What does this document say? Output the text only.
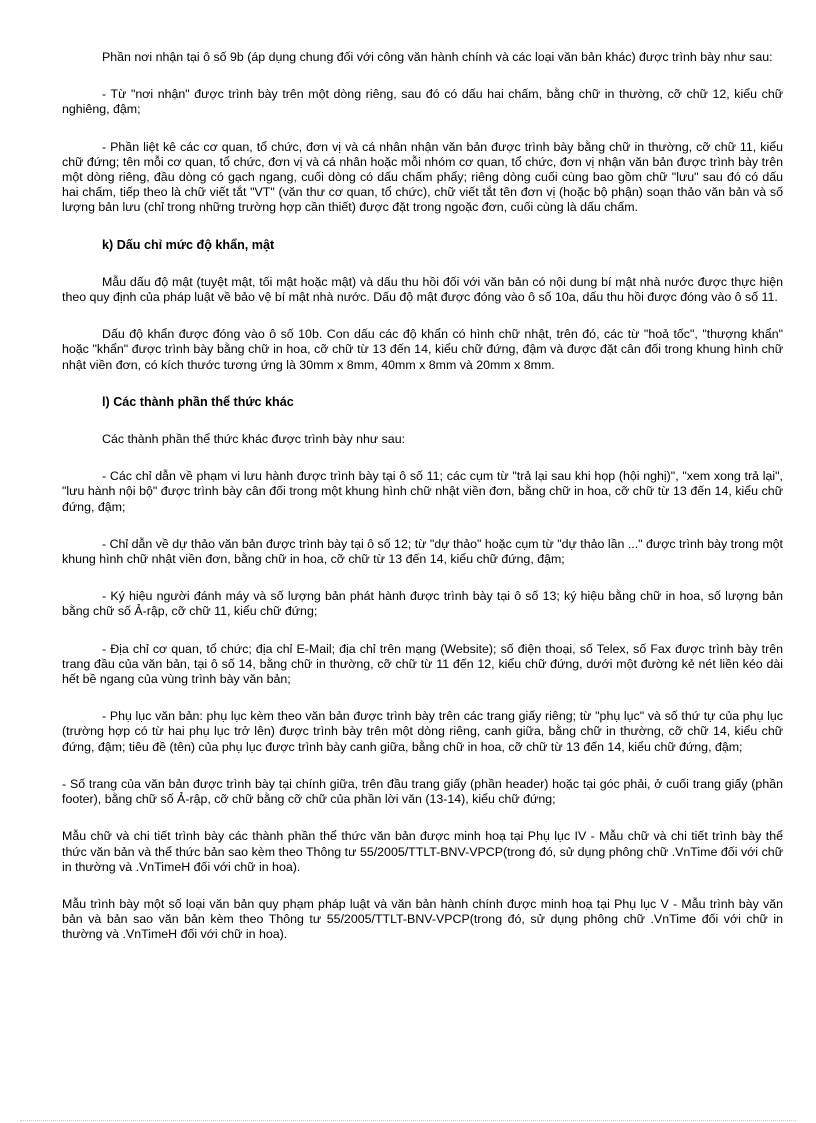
Phần nơi nhận tại ô số 9b (áp dụng chung đối với công văn hành chính và các loại văn bản khác) được trình bày như sau:

- Từ "nơi nhận" được trình bày trên một dòng riêng, sau đó có dấu hai chấm, bằng chữ in thường, cỡ chữ 12, kiểu chữ nghiêng, đậm;

- Phần liệt kê các cơ quan, tổ chức, đơn vị và cá nhân nhận văn bản được trình bày bằng chữ in thường, cỡ chữ 11, kiểu chữ đứng; tên mỗi cơ quan, tổ chức, đơn vị và cá nhân hoặc mỗi nhóm cơ quan, tổ chức, đơn vị nhận văn bản được trình bày trên một dòng riêng, đầu dòng có gạch ngang, cuối dòng có dấu chấm phẩy; riêng dòng cuối cùng bao gồm chữ "lưu" sau đó có dấu hai chấm, tiếp theo là chữ viết tắt "VT" (văn thư cơ quan, tổ chức), chữ viết tắt tên đơn vị (hoặc bộ phận) soạn thảo văn bản và số lượng bản lưu (chỉ trong những trường hợp cần thiết) được đặt trong ngoặc đơn, cuối cùng là dấu chấm.

k) Dấu chỉ mức độ khẩn, mật

Mẫu dấu độ mật (tuyệt mật, tối mật hoặc mật) và dấu thu hồi đối với văn bản có nội dung bí mật nhà nước được thực hiện theo quy định của pháp luật về bảo vệ bí mật nhà nước. Dấu độ mật được đóng vào ô số 10a, dấu thu hồi được đóng vào ô số 11.

Dấu độ khẩn được đóng vào ô số 10b. Con dấu các độ khẩn có hình chữ nhật, trên đó, các từ "hoả tốc", "thượng khẩn" hoặc "khẩn" được trình bày bằng chữ in hoa, cỡ chữ từ 13 đến 14, kiểu chữ đứng, đậm và được đặt cân đối trong khung hình chữ nhật viền đơn, có kích thước tương ứng là 30mm x 8mm, 40mm x 8mm và 20mm x 8mm.

l) Các thành phần thể thức khác

Các thành phần thể thức khác được trình bày như sau:

- Các chỉ dẫn về phạm vi lưu hành được trình bày tại ô số 11; các cụm từ "trả lại sau khi họp (hội nghị)", "xem xong trả lại", "lưu hành nội bộ" được trình bày cân đối trong một khung hình chữ nhật viền đơn, bằng chữ in hoa, cỡ chữ từ 13 đến 14, kiểu chữ đứng, đậm;

- Chỉ dẫn về dự thảo văn bản được trình bày tại ô số 12; từ "dự thảo" hoặc cụm từ "dự thảo lần ..." được trình bày trong một khung hình chữ nhật viền đơn, bằng chữ in hoa, cỡ chữ từ 13 đến 14, kiểu chữ đứng, đậm;

- Ký hiệu người đánh máy và số lượng bản phát hành được trình bày tại ô số 13; ký hiệu bằng chữ in hoa, số lượng bản bằng chữ số Ả-rập, cỡ chữ 11, kiểu chữ đứng;

- Địa chỉ cơ quan, tổ chức; địa chỉ E-Mail; địa chỉ trên mạng (Website); số điện thoại, số Telex, số Fax được trình bày trên trang đầu của văn bản, tại ô số 14, bằng chữ in thường, cỡ chữ từ 11 đến 12, kiểu chữ đứng, dưới một đường kẻ nét liền kéo dài hết bề ngang của vùng trình bày văn bản;

- Phụ lục văn bản: phụ lục kèm theo văn bản được trình bày trên các trang giấy riêng; từ "phụ lục" và số thứ tự của phụ lục (trường hợp có từ hai phụ lục trở lên) được trình bày trên một dòng riêng, canh giữa, bằng chữ in thường, cỡ chữ 14, kiểu chữ đứng, đậm; tiêu đề (tên) của phụ lục được trình bày canh giữa, bằng chữ in hoa, cỡ chữ từ 13 đến 14, kiểu chữ đứng, đậm;

- Số trang của văn bản được trình bày tại chính giữa, trên đầu trang giấy (phần header) hoặc tại góc phải, ở cuối trang giấy (phần footer), bằng chữ số Ả-rập, cỡ chữ bằng cỡ chữ của phần lời văn (13-14), kiểu chữ đứng;

Mẫu chữ và chi tiết trình bày các thành phần thể thức văn bản được minh hoạ tại Phụ lục IV - Mẫu chữ và chi tiết trình bày thể thức văn bản và thể thức bản sao kèm theo Thông tư 55/2005/TTLT-BNV-VPCP(trong đó, sử dụng phông chữ .VnTime đối với chữ in thường và .VnTimeH đối với chữ in hoa).

Mẫu trình bày một số loại văn bản quy phạm pháp luật và văn bản hành chính được minh hoạ tại Phụ lục V - Mẫu trình bày văn bản và bản sao văn bản kèm theo Thông tư 55/2005/TTLT-BNV-VPCP(trong đó, sử dụng phông chữ .VnTime đối với chữ in thường và .VnTimeH đối với chữ in hoa).
